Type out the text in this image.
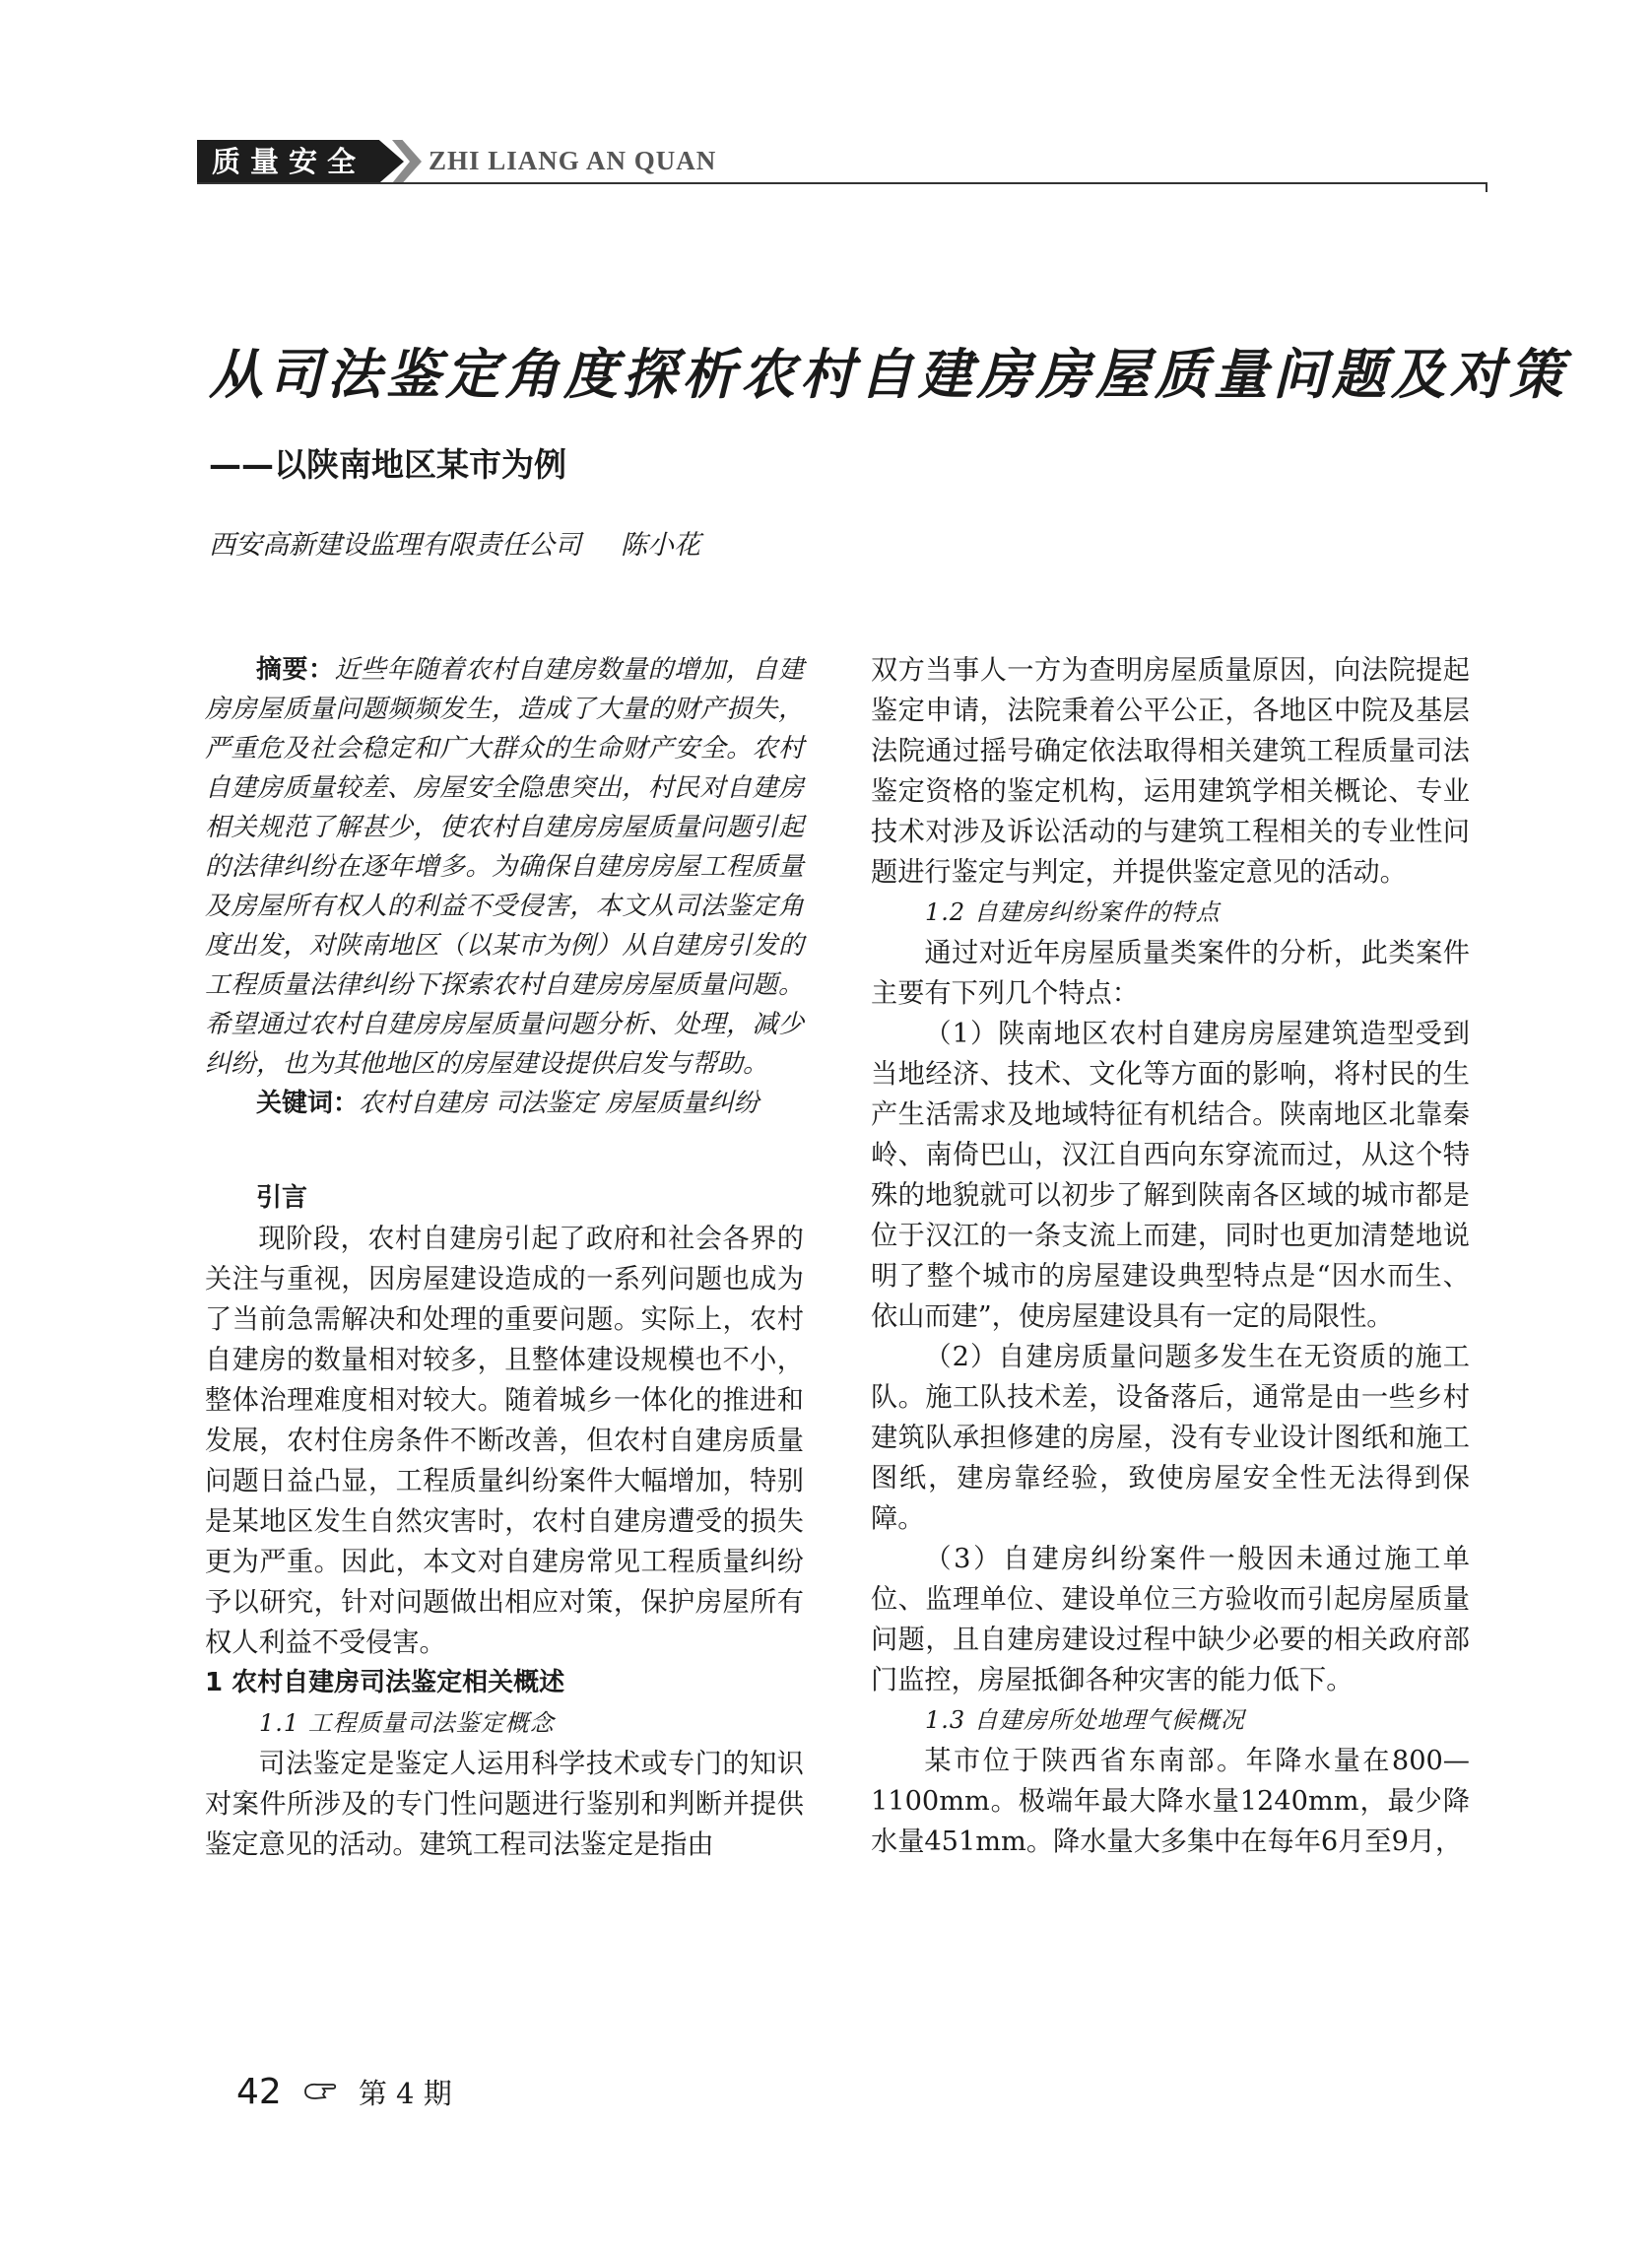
质量安全 ZHI LIANG AN QUAN
从司法鉴定角度探析农村自建房房屋质量问题及对策
——以陕南地区某市为例
西安高新建设监理有限责任公司 陈小花

摘要：近些年随着农村自建房数量的增加，自建房房屋质量问题频频发生，造成了大量的财产损失，严重危及社会稳定和广大群众的生命财产安全。农村自建房质量较差、房屋安全隐患突出，村民对自建房相关规范了解甚少，使农村自建房房屋质量问题引起的法律纠纷在逐年增多。为确保自建房房屋工程质量及房屋所有权人的利益不受侵害，本文从司法鉴定角度出发，对陕南地区（以某市为例）从自建房引发的工程质量法律纠纷下探索农村自建房房屋质量问题。希望通过农村自建房房屋质量问题分析、处理，减少纠纷，也为其他地区的房屋建设提供启发与帮助。

关键词：农村自建房 司法鉴定 房屋质量纠纷

引言

现阶段，农村自建房引起了政府和社会各界的关注与重视，因房屋建设造成的一系列问题也成为了当前急需解决和处理的重要问题。实际上，农村自建房的数量相对较多，且整体建设规模也不小，整体治理难度相对较大。随着城乡一体化的推进和发展，农村住房条件不断改善，但农村自建房质量问题日益凸显，工程质量纠纷案件大幅增加，特别是某地区发生自然灾害时，农村自建房遭受的损失更为严重。因此，本文对自建房常见工程质量纠纷予以研究，针对问题做出相应对策，保护房屋所有权人利益不受侵害。

1 农村自建房司法鉴定相关概述

1.1 工程质量司法鉴定概念

司法鉴定是鉴定人运用科学技术或专门的知识对案件所涉及的专门性问题进行鉴别和判断并提供鉴定意见的活动。建筑工程司法鉴定是指由

双方当事人一方为查明房屋质量原因，向法院提起鉴定申请，法院秉着公平公正，各地区中院及基层法院通过摇号确定依法取得相关建筑工程质量司法鉴定资格的鉴定机构，运用建筑学相关概论、专业技术对涉及诉讼活动的与建筑工程相关的专业性问题进行鉴定与判定，并提供鉴定意见的活动。

1.2 自建房纠纷案件的特点

通过对近年房屋质量类案件的分析，此类案件主要有下列几个特点：

（1）陕南地区农村自建房房屋建筑造型受到当地经济、技术、文化等方面的影响，将村民的生产生活需求及地域特征有机结合。陕南地区北靠秦岭、南倚巴山，汉江自西向东穿流而过，从这个特殊的地貌就可以初步了解到陕南各区域的城市都是位于汉江的一条支流上而建，同时也更加清楚地说明了整个城市的房屋建设典型特点是“因水而生、依山而建”，使房屋建设具有一定的局限性。

（2）自建房质量问题多发生在无资质的施工队。施工队技术差，设备落后，通常是由一些乡村建筑队承担修建的房屋，没有专业设计图纸和施工图纸，建房靠经验，致使房屋安全性无法得到保障。

（3）自建房纠纷案件一般因未通过施工单位、监理单位、建设单位三方验收而引起房屋质量问题，且自建房建设过程中缺少必要的相关政府部门监控，房屋抵御各种灾害的能力低下。

1.3 自建房所处地理气候概况

某市位于陕西省东南部。年降水量在800—1100mm。极端年最大降水量1240mm，最少降水量451mm。降水量大多集中在每年6月至9月，

42	第 4 期
